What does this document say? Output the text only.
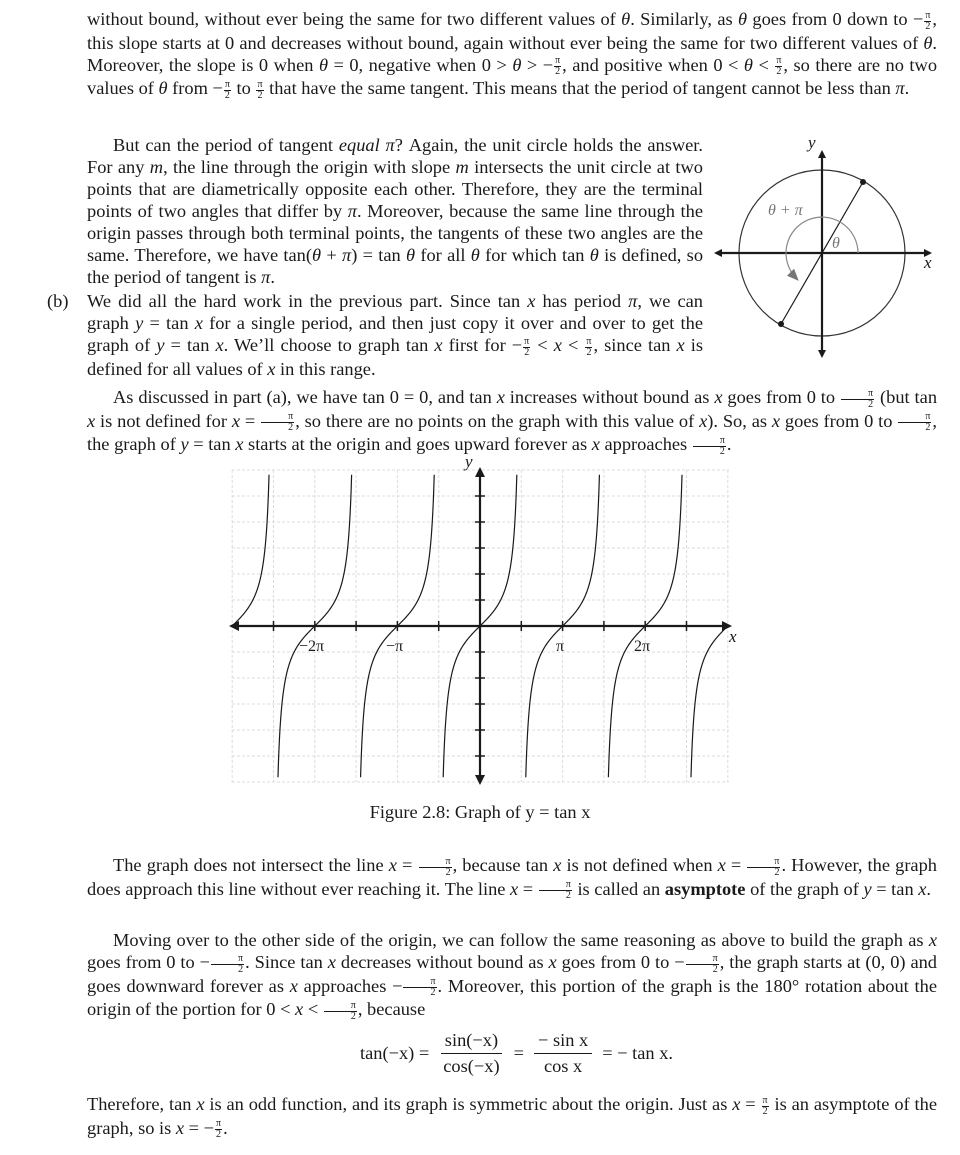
without bound, without ever being the same for two different values of θ. Similarly, as θ goes from 0 down to − $\frac{\pi}{2}$ , this slope starts at 0 and decreases without bound, again without ever being the same for two different values of θ. Moreover, the slope is 0 when θ = 0, negative when 0 > θ > − $\frac{\pi}{2}$ , and positive when $0 < \theta < \frac{\pi}{2}$ , so there are no two values of θ from − $\frac{\pi}{2}$ to $\frac{\pi}{2}$ that have the same tangent. This means that the period of tangent cannot be less than π.

But can the period of tangent equal π? Again, the unit circle holds the answer. For any m, the line through the origin with slope m intersects the unit circle at two points that are diametrically opposite each other. Therefore, they are the terminal points of two angles that differ by π. Moreover, because the same line through the origin passes through both terminal points, the tangents of these two angles are the same. Therefore, we have tan(θ + π) = tan θ for all θ for which tan θ is defined, so the period of tangent is π.

θ
θ + π
x
y
(b) We did all the hard work in the previous part. Since tan x has period π, we can graph y = tan x for a single period, and then just copy it over and over to get the graph of y = tan x. We’ll choose to graph tan x first for − $\frac{\pi}{2} < x < \frac{\pi}{2}$ , since tan x is defined for all values of x in this range.

As discussed in part (a), we have tan 0 = 0, and tan x increases without bound as x goes from 0 to $\frac{\pi}{2} (but$ tan x is not defined for $x = \frac{\pi}{2}$ , so there are no points on the graph with this value of x). So, as x goes from 0 to $\frac{\pi}{2}$ , the graph of y = tan x starts at the origin and goes upward forever as x approaches $\frac{\pi}{2}$ .

y
x
−2π	−π	π	2π
Figure 2.8: Graph of y = tan x

The graph does not intersect the line $x = \frac{\pi}{2}$ , because tan x is not defined when $x = \frac{\pi}{2}$ . However, the graph does approach this line without ever reaching it. The line $x = \frac{\pi}{2}$ is called an asymptote of the graph of y = tan x.

Moving over to the other side of the origin, we can follow the same reasoning as above to build the graph as x goes from 0 to − $\frac{\pi}{2}$ . Since tan x decreases without bound as x goes from 0 to − $\frac{\pi}{2}$ , the graph starts at (0, 0) and goes downward forever as x approaches − $\frac{\pi}{2}$ . Moreover, this portion of the graph is the 180° rotation about the origin of the portion for $0 < x < \frac{\pi}{2}$ , because

$\tan(-x) = \frac{\sin(-x)}{\cos(-x)} = \frac{\text{− sin x}}{\text{cos x}}$ = − tan x.

Therefore, tan x is an odd function, and its graph is symmetric about the origin. Just as $x = \frac{\pi}{2}$ is an asymptote of the graph, so is x = − $\frac{\pi}{2}$ .
